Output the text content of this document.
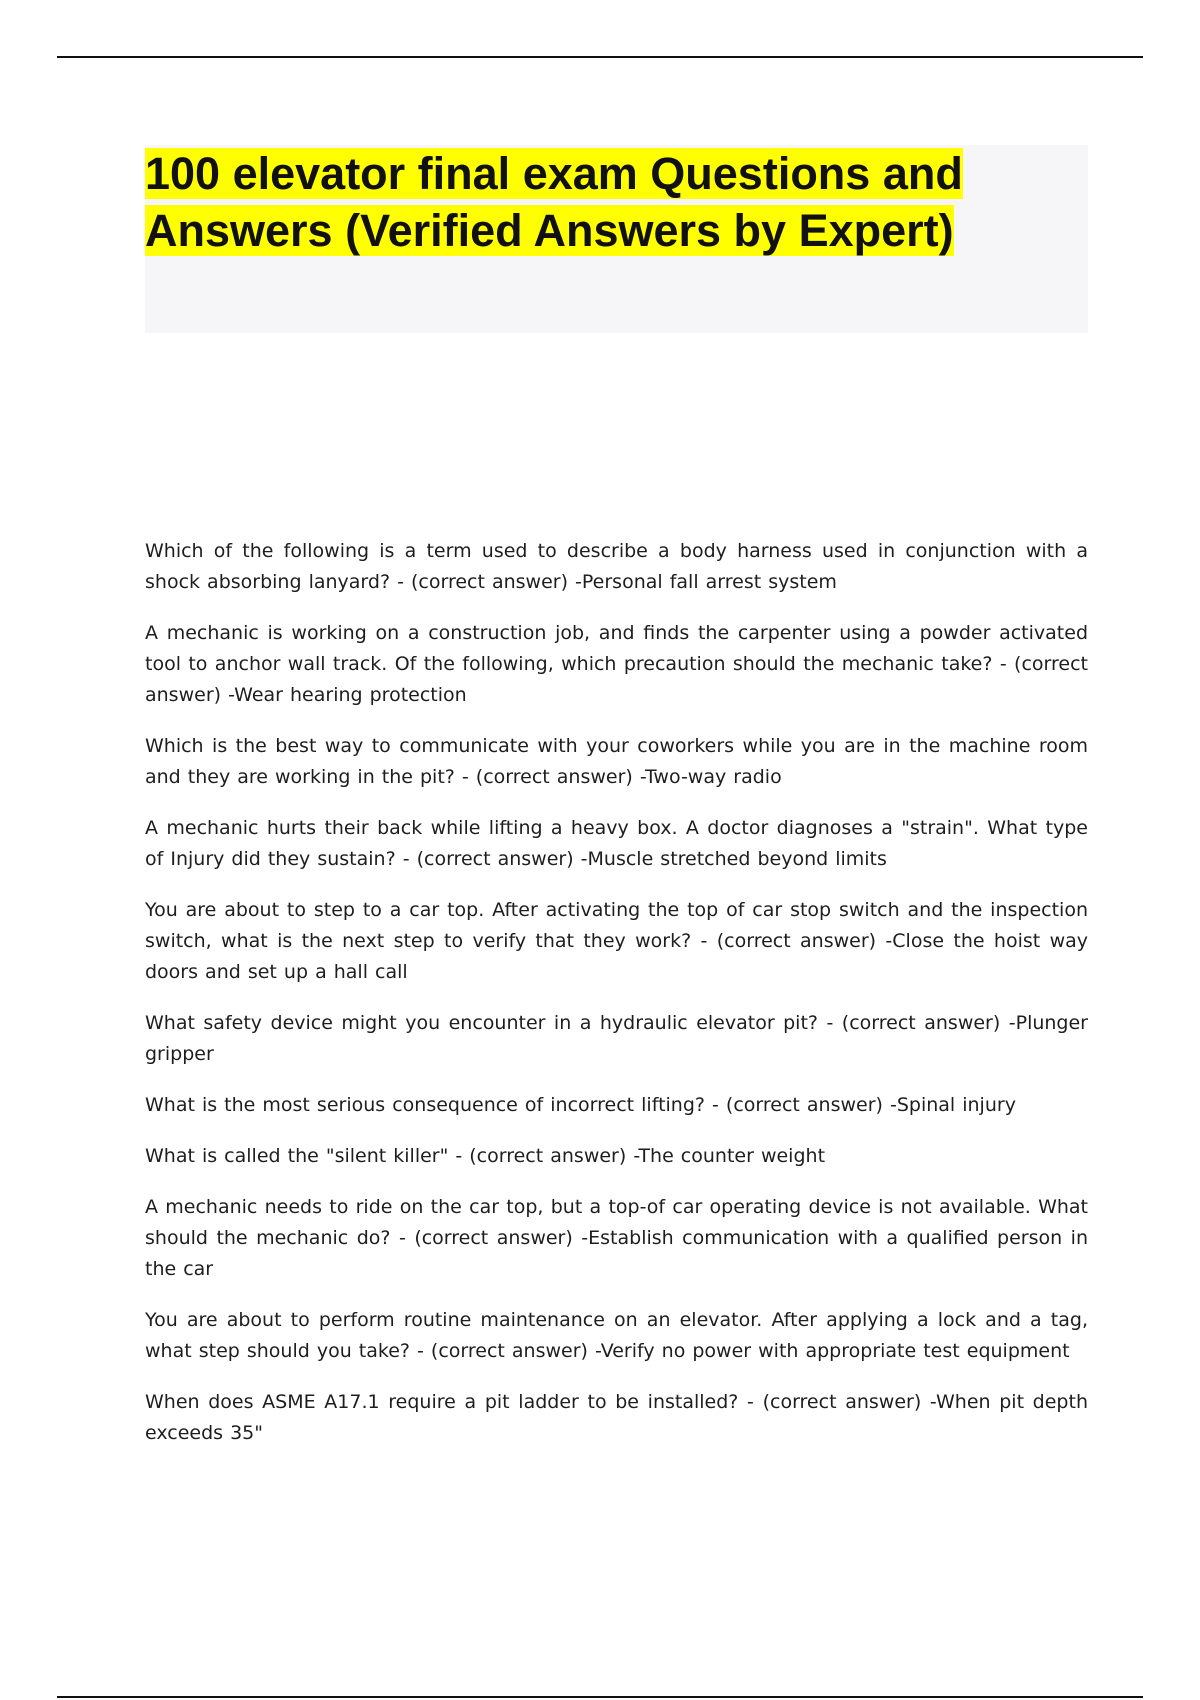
100 elevator final exam Questions and
Answers (Verified Answers by Expert)

Which of the following is a term used to describe a body harness used in conjunction with a shock absorbing lanyard? - (correct answer) -Personal fall arrest system

A mechanic is working on a construction job, and finds the carpenter using a powder activated tool to anchor wall track. Of the following, which precaution should the mechanic take? - (correct answer) -Wear hearing protection

Which is the best way to communicate with your coworkers while you are in the machine room and they are working in the pit? - (correct answer) -Two-way radio

A mechanic hurts their back while lifting a heavy box. A doctor diagnoses a "strain". What type of Injury did they sustain? - (correct answer) -Muscle stretched beyond limits

You are about to step to a car top. After activating the top of car stop switch and the inspection switch, what is the next step to verify that they work? - (correct answer) -Close the hoist way doors and set up a hall call

What safety device might you encounter in a hydraulic elevator pit? - (correct answer) -Plunger gripper

What is the most serious consequence of incorrect lifting? - (correct answer) -Spinal injury

What is called the "silent killer" - (correct answer) -The counter weight

A mechanic needs to ride on the car top, but a top-of car operating device is not available. What should the mechanic do? - (correct answer) -Establish communication with a qualified person in the car

You are about to perform routine maintenance on an elevator. After applying a lock and a tag, what step should you take? - (correct answer) -Verify no power with appropriate test equipment

When does ASME A17.1 require a pit ladder to be installed? - (correct answer) -When pit depth exceeds 35"
